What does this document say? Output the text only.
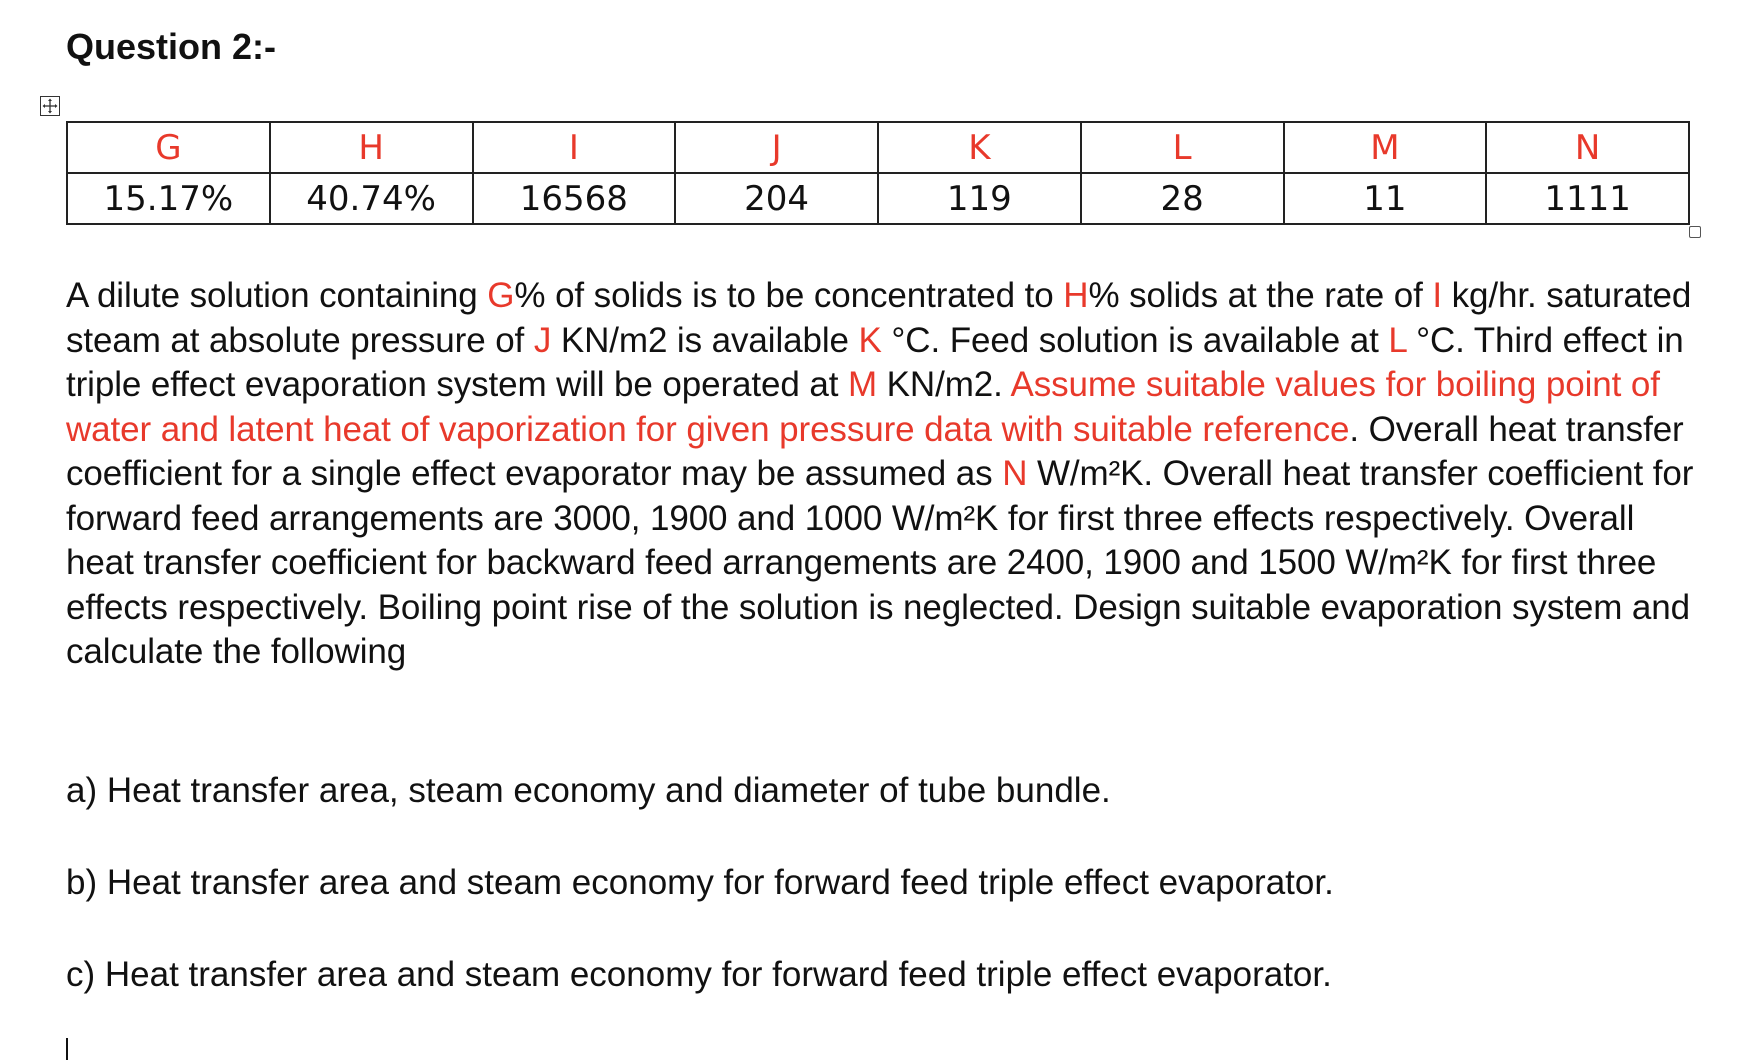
Question 2:-
G	H	I	J	K	L	M	N
15.17%	40.74%	16568	204	119	28	11	1111

A dilute solution containing G% of solids is to be concentrated to H% solids at the rate of I kg/hr. saturated steam at absolute pressure of J KN/m2 is available K °C. Feed solution is available at L °C. Third effect in triple effect evaporation system will be operated at M KN/m2. Assume suitable values for boiling point of water and latent heat of vaporization for given pressure data with suitable reference. Overall heat transfer coefficient for a single effect evaporator may be assumed as N W/m²K. Overall heat transfer coefficient for forward feed arrangements are 3000, 1900 and 1000 W/m²K for first three effects respectively. Overall heat transfer coefficient for backward feed arrangements are 2400, 1900 and 1500 W/m²K for first three effects respectively. Boiling point rise of the solution is neglected. Design suitable evaporation system and calculate the following

a) Heat transfer area, steam economy and diameter of tube bundle.

b) Heat transfer area and steam economy for forward feed triple effect evaporator.

c) Heat transfer area and steam economy for forward feed triple effect evaporator.
